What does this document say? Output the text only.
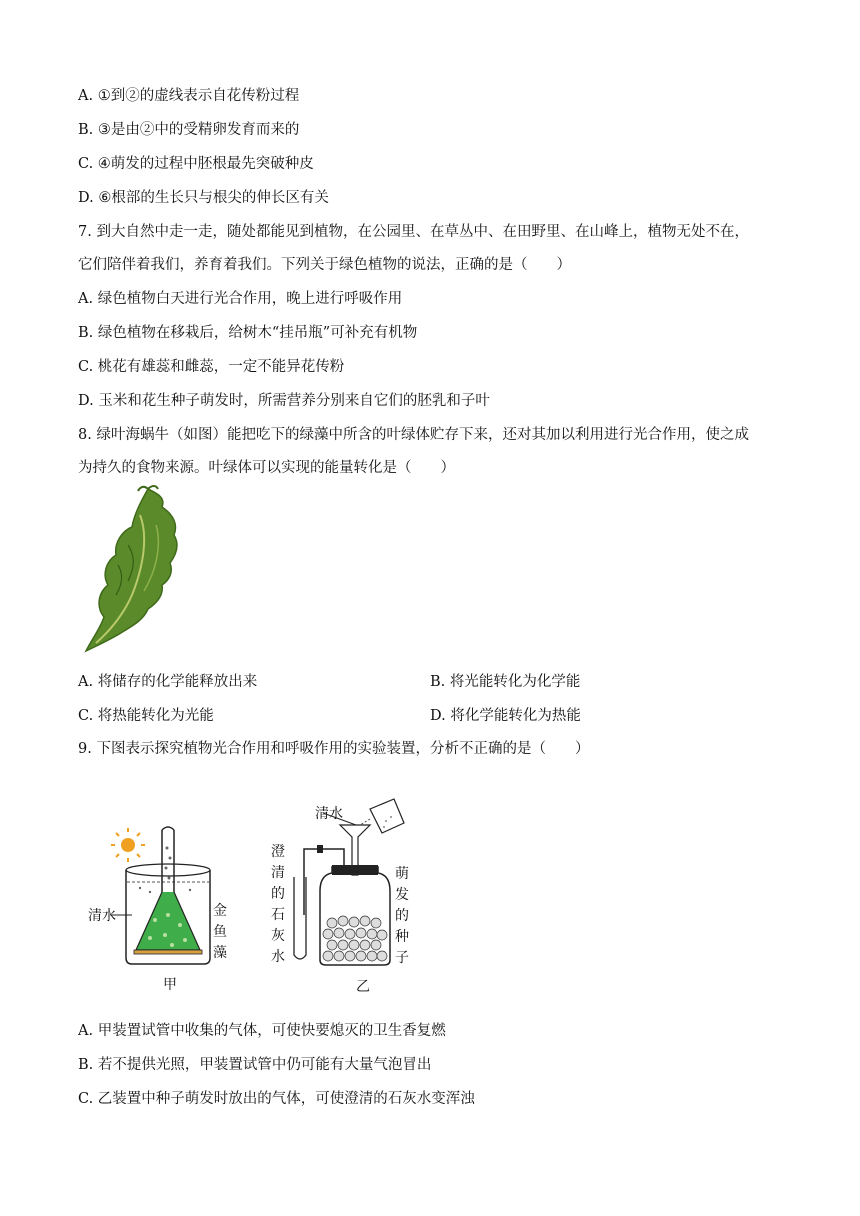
A. ①到②的虚线表示自花传粉过程
B. ③是由②中的受精卵发育而来的
C. ④萌发的过程中胚根最先突破种皮
D. ⑥根部的生长只与根尖的伸长区有关
7. 到大自然中走一走，随处都能见到植物，在公园里、在草丛中、在田野里、在山峰上，植物无处不在，
它们陪伴着我们，养育着我们。下列关于绿色植物的说法，正确的是（　　）
A. 绿色植物白天进行光合作用，晚上进行呼吸作用
B. 绿色植物在移栽后，给树木“挂吊瓶”可补充有机物
C. 桃花有雄蕊和雌蕊，一定不能异花传粉
D. 玉米和花生种子萌发时，所需营养分别来自它们的胚乳和子叶
8. 绿叶海蜗牛（如图）能把吃下的绿藻中所含的叶绿体贮存下来，还对其加以利用进行光合作用，使之成
为持久的食物来源。叶绿体可以实现的能量转化是（　　）
A. 将储存的化学能释放出来	B. 将光能转化为化学能
C. 将热能转化为光能	D. 将化学能转化为热能
9. 下图表示探究植物光合作用和呼吸作用的实验装置，分析不正确的是（　　）
清水	金鱼藻
甲
清水
澄清的石灰水
萌发的种子
乙
A. 甲装置试管中收集的气体，可使快要熄灭的卫生香复燃
B. 若不提供光照，甲装置试管中仍可能有大量气泡冒出
C. 乙装置中种子萌发时放出的气体，可使澄清的石灰水变浑浊
